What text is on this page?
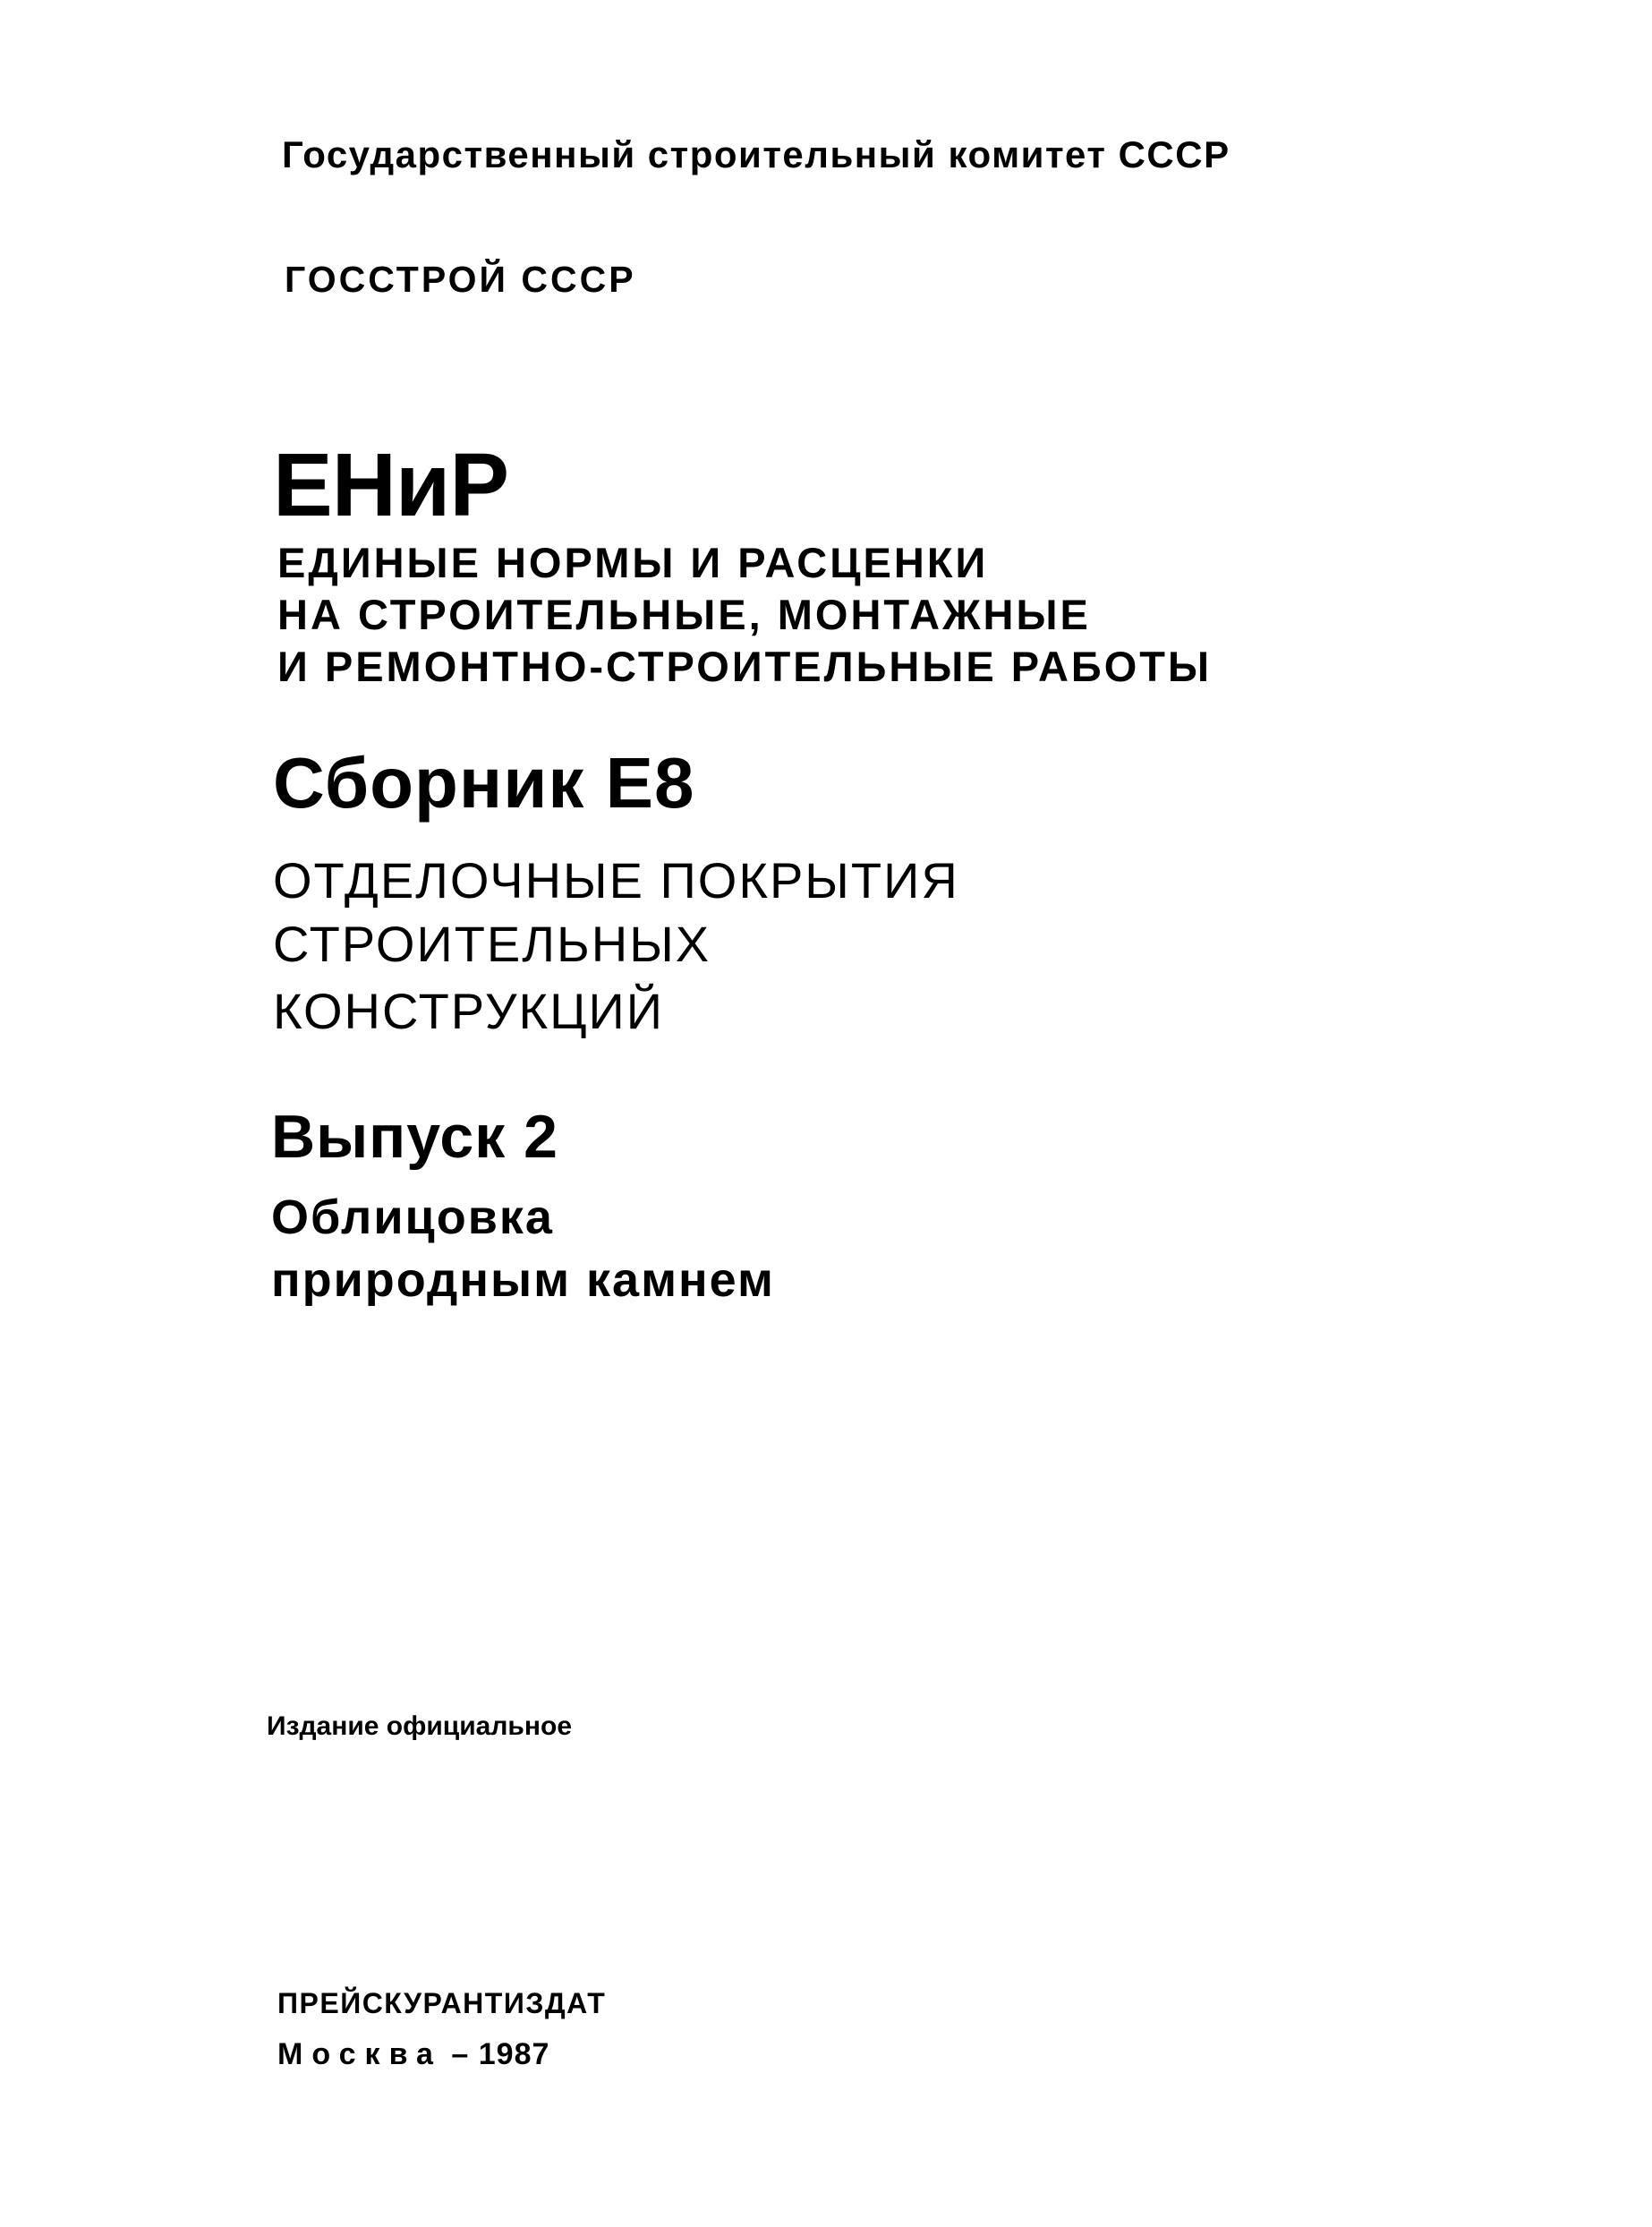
Государственный строительный комитет СССР
ГОССТРОЙ СССР
ЕНиР
ЕДИНЫЕ НОРМЫ И РАСЦЕНКИ
НА СТРОИТЕЛЬНЫЕ, МОНТАЖНЫЕ
И РЕМОНТНО-СТРОИТЕЛЬНЫЕ РАБОТЫ
Сборник Е8
ОТДЕЛОЧНЫЕ ПОКРЫТИЯ
СТРОИТЕЛЬНЫХ
КОНСТРУКЦИЙ
Выпуск 2
Облицовка
природным камнем
Издание официальное
ПРЕЙСКУРАНТИЗДАТ
Москва – 1987
